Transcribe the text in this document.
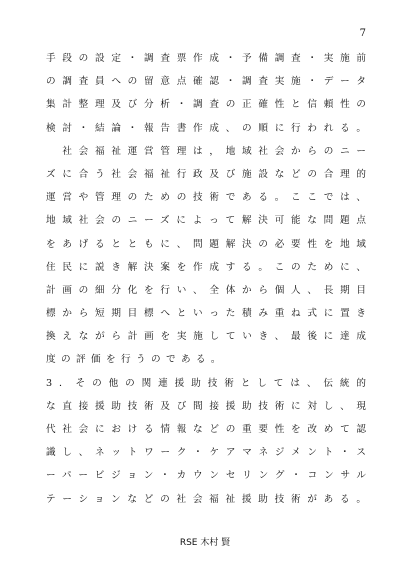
7
手段の設定・調査票作成・予備調査・実施前
の調査員への留意点確認・調査実施・データ
集計整理及び分析・調査の正確性と信頼性の
検討・結論・報告書作成、の順に行われる。
　社会福祉運営管理は，地域社会からのニー
ズに合う社会福祉行政及び施設などの合理的
運営や管理のための技術である。ここでは、
地域社会のニーズによって解決可能な問題点
をあげるとともに、問題解決の必要性を地域
住民に説き解決案を作成する。このために、
計画の細分化を行い、全体から個人、長期目
標から短期目標へといった積み重ね式に置き
換えながら計画を実施していき、最後に達成
度の評価を行うのである。
3．その他の関連援助技術としては、伝統的
な直接援助技術及び間接援助技術に対し、現
代社会における情報などの重要性を改めて認
識し、ネットワーク・ケアマネジメント・ス
ーパービジョン・カウンセリング・コンサル
テーションなどの社会福祉援助技術がある。
RSE 木村 賢
